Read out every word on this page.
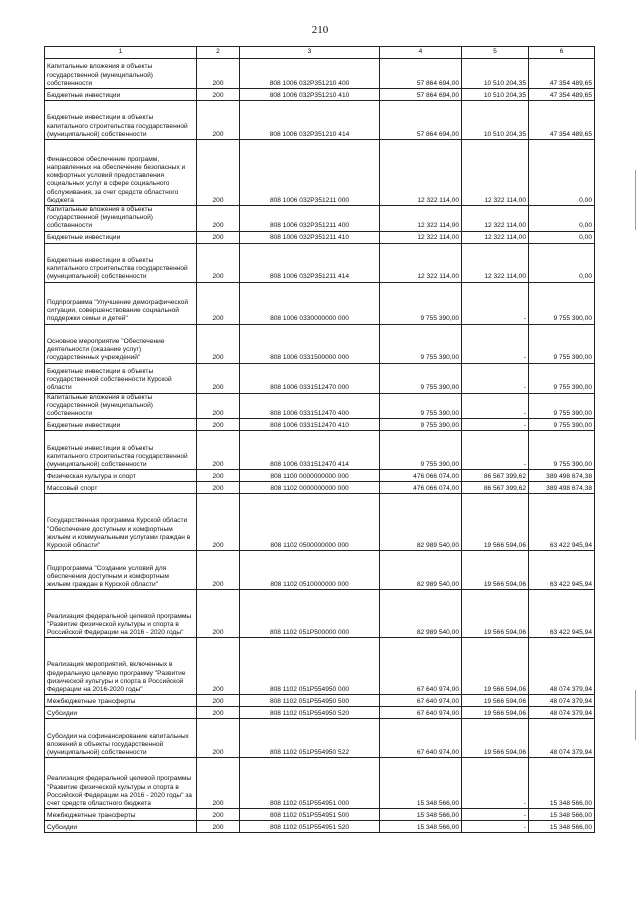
210
1	2	3	4	5	6
Капитальные вложения в объекты государственной (муниципальной) собственности	200	808 1006 032P351210 400	57 864 694,00	10 510 204,35	47 354 489,65
Бюджетные инвестиции	200	808 1006 032P351210 410	57 864 694,00	10 510 204,35	47 354 489,65
Бюджетные инвестиции в объекты капитального строительства государственной (муниципальной) собственности	200	808 1006 032P351210 414	57 864 694,00	10 510 204,35	47 354 489,65
Финансовое обеспечение программ, направленных на обеспечение безопасных и комфортных условий предоставления социальных услуг в сфере социального обслуживания, за счет средств областного бюджета	200	808 1006 032P351211 000	12 322 114,00	12 322 114,00	0,00
Капитальные вложения в объекты государственной (муниципальной) собственности	200	808 1006 032P351211 400	12 322 114,00	12 322 114,00	0,00
Бюджетные инвестиции	200	808 1006 032P351211 410	12 322 114,00	12 322 114,00	0,00
Бюджетные инвестиции в объекты капитального строительства государственной (муниципальной) собственности	200	808 1006 032P351211 414	12 322 114,00	12 322 114,00	0,00
Подпрограмма "Улучшение демографической ситуации, совершенствование социальной поддержки семьи и детей"	200	808 1006 0330000000 000	9 755 390,00	-	9 755 390,00
Основное мероприятие "Обеспечение деятельности (оказание услуг) государственных учреждений"	200	808 1006 0331500000 000	9 755 390,00	-	9 755 390,00
Бюджетные инвестиции в объекты государственной собственности Курской области	200	808 1006 0331512470 000	9 755 390,00	-	9 755 390,00
Капитальные вложения в объекты государственной (муниципальной) собственности	200	808 1006 0331512470 400	9 755 390,00	-	9 755 390,00
Бюджетные инвестиции	200	808 1006 0331512470 410	9 755 390,00	-	9 755 390,00
Бюджетные инвестиции в объекты капитального строительства государственной (муниципальной) собственности	200	808 1006 0331512470 414	9 755 390,00	-	9 755 390,00
Физическая культура и спорт	200	808 1100 0000000000 000	476 066 074,00	86 567 399,62	389 498 674,38
Массовый спорт	200	808 1102 0000000000 000	476 066 074,00	86 567 399,62	389 498 674,38
Государственная программа Курской области "Обеспечение доступным и комфортным жильем и коммунальными услугами граждан в Курской области"	200	808 1102 0500000000 000	82 989 540,00	19 566 594,06	63 422 945,94
Подпрограмма "Создание условий для обеспечения доступным и комфортным жильем граждан в Курской области"	200	808 1102 0510000000 000	82 989 540,00	19 566 594,06	63 422 945,94
Реализация федеральной целевой программы "Развитие физической культуры и спорта в Российской Федерации на 2016 - 2020 годы"	200	808 1102 051P500000 000	82 989 540,00	19 566 594,06	63 422 945,94
Реализация мероприятий, включенных в федеральную целевую программу "Развитие физической культуры и спорта в Российской Федерации на 2016-2020 годы"	200	808 1102 051P554950 000	67 640 974,00	19 566 594,06	48 074 379,94
Межбюджетные трансферты	200	808 1102 051P554950 500	67 640 974,00	19 566 594,06	48 074 379,94
Субсидии	200	808 1102 051P554950 520	67 640 974,00	19 566 594,06	48 074 379,94
Субсидии на софинансирование капитальных вложений в объекты государственной (муниципальной) собственности	200	808 1102 051P554950 522	67 640 974,00	19 566 594,06	48 074 379,94
Реализация федеральной целевой программы "Развитие физической культуры и спорта в Российской Федерации на 2016 - 2020 годы" за счет средств областного бюджета	200	808 1102 051P554951 000	15 348 566,00	-	15 348 566,00
Межбюджетные трансферты	200	808 1102 051P554951 500	15 348 566,00	-	15 348 566,00
Субсидии	200	808 1102 051P554951 520	15 348 566,00	-	15 348 566,00
